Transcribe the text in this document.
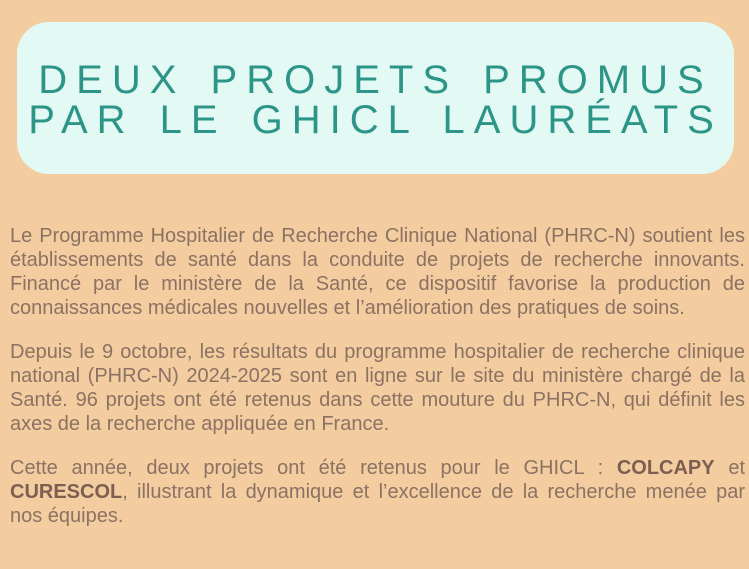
DEUX PROJETS PROMUS
PAR LE GHICL LAURÉATS

Le Programme Hospitalier de Recherche Clinique National (PHRC-N) soutient les établissements de santé dans la conduite de projets de recherche innovants. Financé par le ministère de la Santé, ce dispositif favorise la production de connaissances médicales nouvelles et l’amélioration des pratiques de soins.

Depuis le 9 octobre, les résultats du programme hospitalier de recherche clinique national (PHRC-N) 2024-2025 sont en ligne sur le site du ministère chargé de la Santé. 96 projets ont été retenus dans cette mouture du PHRC-N, qui définit les axes de la recherche appliquée en France.

Cette année, deux projets ont été retenus pour le GHICL : COLCAPY et CURESCOL, illustrant la dynamique et l’excellence de la recherche menée par nos équipes.
